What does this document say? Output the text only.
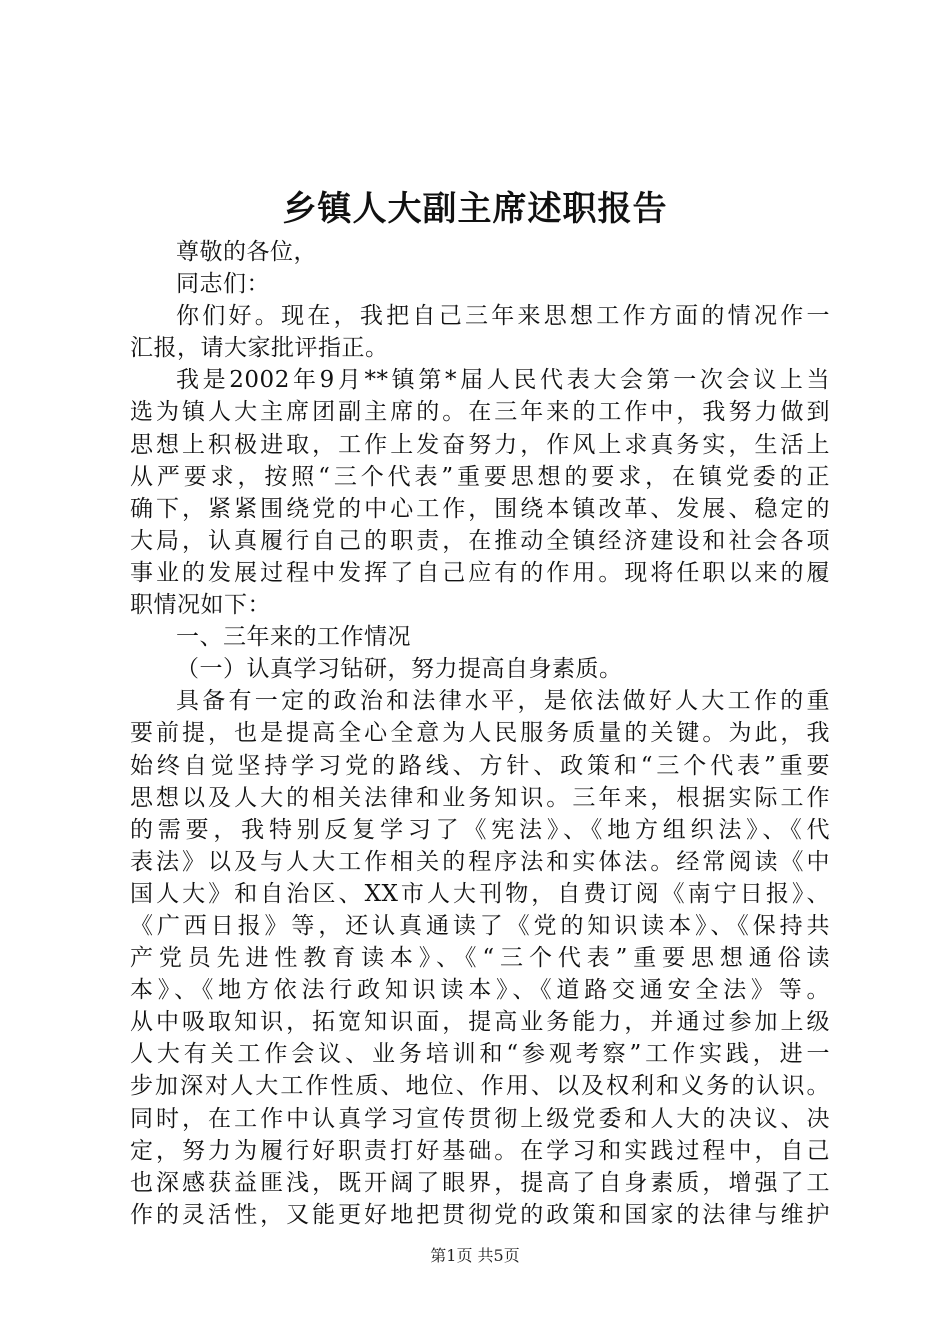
乡镇人大副主席述职报告
尊敬的各位，
同志们：
你们好。现在，我把自己三年来思想工作方面的情况作一
汇报，请大家批评指正。
我是2002年9月**镇第*届人民代表大会第一次会议上当
选为镇人大主席团副主席的。在三年来的工作中，我努力做到
思想上积极进取，工作上发奋努力，作风上求真务实，生活上
从严要求，按照“三个代表”重要思想的要求，在镇党委的正
确下，紧紧围绕党的中心工作，围绕本镇改革、发展、稳定的
大局，认真履行自己的职责，在推动全镇经济建设和社会各项
事业的发展过程中发挥了自己应有的作用。现将任职以来的履
职情况如下：
一、三年来的工作情况
（一）认真学习钻研，努力提高自身素质。
具备有一定的政治和法律水平，是依法做好人大工作的重
要前提，也是提高全心全意为人民服务质量的关键。为此，我
始终自觉坚持学习党的路线、方针、政策和“三个代表”重要
思想以及人大的相关法律和业务知识。三年来，根据实际工作
的需要，我特别反复学习了《宪法》、《地方组织法》、《代
表法》以及与人大工作相关的程序法和实体法。经常阅读《中
国人大》和自治区、XX市人大刊物，自费订阅《南宁日报》、
《广西日报》等，还认真通读了《党的知识读本》、《保持共
产党员先进性教育读本》、《“三个代表”重要思想通俗读
本》、《地方依法行政知识读本》、《道路交通安全法》等。
从中吸取知识，拓宽知识面，提高业务能力，并通过参加上级
人大有关工作会议、业务培训和“参观考察”工作实践，进一
步加深对人大工作性质、地位、作用、以及权利和义务的认识。
同时，在工作中认真学习宣传贯彻上级党委和人大的决议、决
定，努力为履行好职责打好基础。在学习和实践过程中，自己
也深感获益匪浅，既开阔了眼界，提高了自身素质，增强了工
作的灵活性，又能更好地把贯彻党的政策和国家的法律与维护
第1页 共5页
